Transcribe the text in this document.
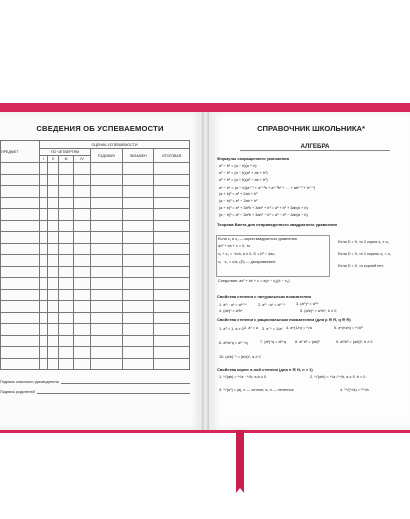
СВЕДЕНИЯ ОБ УСПЕВАЕМОСТИ
ПРЕДМЕТ	ОЦЕНКА УСПЕВАЕМОСТИ						
	ПО ЧЕТВЕРТЯМ				ГОДОВАЯ	ЭКЗАМЕН	ИТОГОВАЯ
	I	II	III	IV			

Подпись классного руководителя
Подпись родителей
СПРАВОЧНИК ШКОЛЬНИКА*
АЛГЕБРА
Формулы сокращенного умножения
a² − b² = (a − b)(a + b)
a³ − b³ = (a − b)(a² + ab + b²)
a³ + b³ = (a + b)(a² − ab + b²)
aⁿ − bⁿ = (a − b)(aⁿ⁻¹ + aⁿ⁻²b + aⁿ⁻³b² + … + abⁿ⁻² + bⁿ⁻¹)
(a + b)² = a² + 2ab + b²
(a − b)² = a² − 2ab + b²
(a + b)³ = a³ + 3a²b + 3ab² + b³ = a³ + b³ + 3ab(a + b)
(a − b)³ = a³ − 3a²b + 3ab² − b³ = a³ − b³ − 3ab(a − b)
Теорема Виета для неприведенного квадратного уравнения
Если x₁ и x₂ — корни квадратного уравнения
ax² + bx + c = 0, то
x₁ + x₂ = −b/a, a ≠ 0, D = b² − 4ac,
x₁ · x₂ = c/a, (D) — дискриминант.
Следствие: ax² + bx + c = a(x − x₁)(x − x₂).
Если D > 0, то 2 корня x₁ ≠ x₂
Если D = 0, то 1 корень x₁ = x₂
Если D < 0, то корней нет.
Свойства степени с натуральным показателем
1. aᵐ · aⁿ = aᵐ⁺ⁿ	2. aᵐ : aⁿ = aᵐ⁻ⁿ	3. (aᵐ)ⁿ = aᵐⁿ
4. (ab)ⁿ = aⁿbⁿ	5. (a/b)ⁿ = aⁿ/bⁿ, b ≠ 0
Свойства степени с рациональным показателем (для p ∈ R, q ∈ R)
1. a⁰ = 1, a ≠ 0 2. a¹ = a 3. a⁻ⁿ = 1/aⁿ 4. a^(1/n) = ⁿ√a	5. a^(m/n) = ⁿ√aᵐ
6. aᵖ/a^q = aᵖ⁻^q	7. (aᵖ)^q = aᵖ^q 8. aᵖ bᵖ = (ab)ᵖ	9. aᵖ/bᵖ = (a/b)ᵖ, b ≠ 0
10. (a/b)⁻ⁿ = (b/a)ⁿ, a ≠ 0
Свойства корня n-ной степени (для n ∈ N, n > 1)
1. ⁿ√(ab) = ⁿ√a · ⁿ√b, a,b ≥ 0	2. ⁿ√(a/b) = ⁿ√a / ⁿ√b, a ≥ 0, b > 0
3. ⁿ√(aⁿ) = |a|, n — четное; a, n — нечетное	4. ᵐ√(ⁿ√a) = ᵐⁿ√a
